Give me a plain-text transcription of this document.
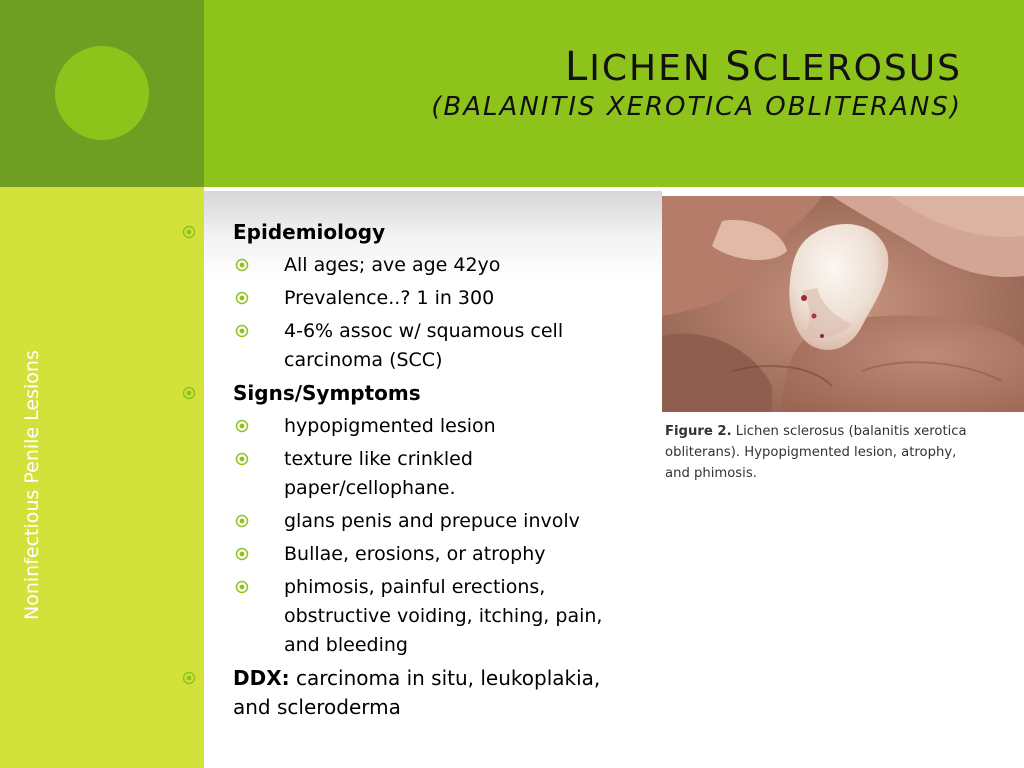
LICHEN SCLEROSUS
(BALANITIS XEROTICA OBLITERANS)
Noninfectious Penile Lesions
Epidemiology
All ages; ave age 42yo
Prevalence..? 1 in 300
4-6% assoc w/ squamous cell carcinoma (SCC)
Signs/Symptoms
hypopigmented lesion
texture like crinkled paper/cellophane.
glans penis and prepuce involv
Bullae, erosions, or atrophy
phimosis, painful erections, obstructive voiding, itching, pain, and bleeding
DDX: carcinoma in situ, leukoplakia, and scleroderma
Figure 2. Lichen sclerosus (balanitis xerotica
obliterans). Hypopigmented lesion, atrophy,
and phimosis.
